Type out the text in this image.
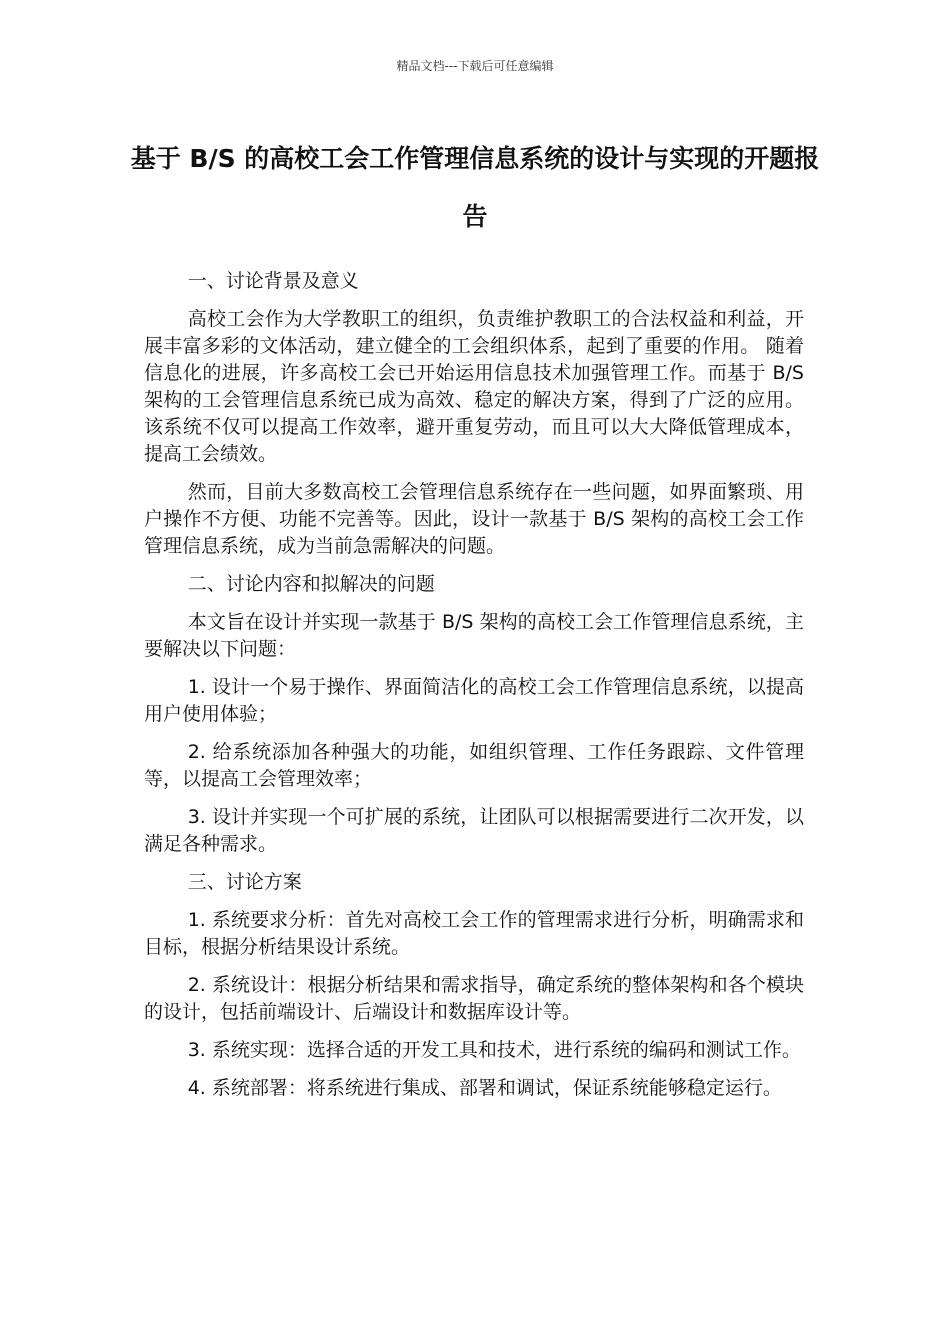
精品文档---下载后可任意编辑
基于 B/S 的高校工会工作管理信息系统的设计与实现的开题报告

一、讨论背景及意义

高校工会作为大学教职工的组织，负责维护教职工的合法权益和利益，开展丰富多彩的文体活动，建立健全的工会组织体系，起到了重要的作用。 随着信息化的进展，许多高校工会已开始运用信息技术加强管理工作。而基于 B/S 架构的工会管理信息系统已成为高效、稳定的解决方案，得到了广泛的应用。该系统不仅可以提高工作效率，避开重复劳动，而且可以大大降低管理成本，提高工会绩效。

然而，目前大多数高校工会管理信息系统存在一些问题，如界面繁琐、用户操作不方便、功能不完善等。因此，设计一款基于 B/S 架构的高校工会工作管理信息系统，成为当前急需解决的问题。

二、讨论内容和拟解决的问题

本文旨在设计并实现一款基于 B/S 架构的高校工会工作管理信息系统，主要解决以下问题：

1. 设计一个易于操作、界面简洁化的高校工会工作管理信息系统，以提高用户使用体验；

2. 给系统添加各种强大的功能，如组织管理、工作任务跟踪、文件管理等，以提高工会管理效率；

3. 设计并实现一个可扩展的系统，让团队可以根据需要进行二次开发，以满足各种需求。

三、讨论方案

1. 系统要求分析：首先对高校工会工作的管理需求进行分析，明确需求和目标，根据分析结果设计系统。

2. 系统设计：根据分析结果和需求指导，确定系统的整体架构和各个模块的设计，包括前端设计、后端设计和数据库设计等。

3. 系统实现：选择合适的开发工具和技术，进行系统的编码和测试工作。

4. 系统部署：将系统进行集成、部署和调试，保证系统能够稳定运行。
